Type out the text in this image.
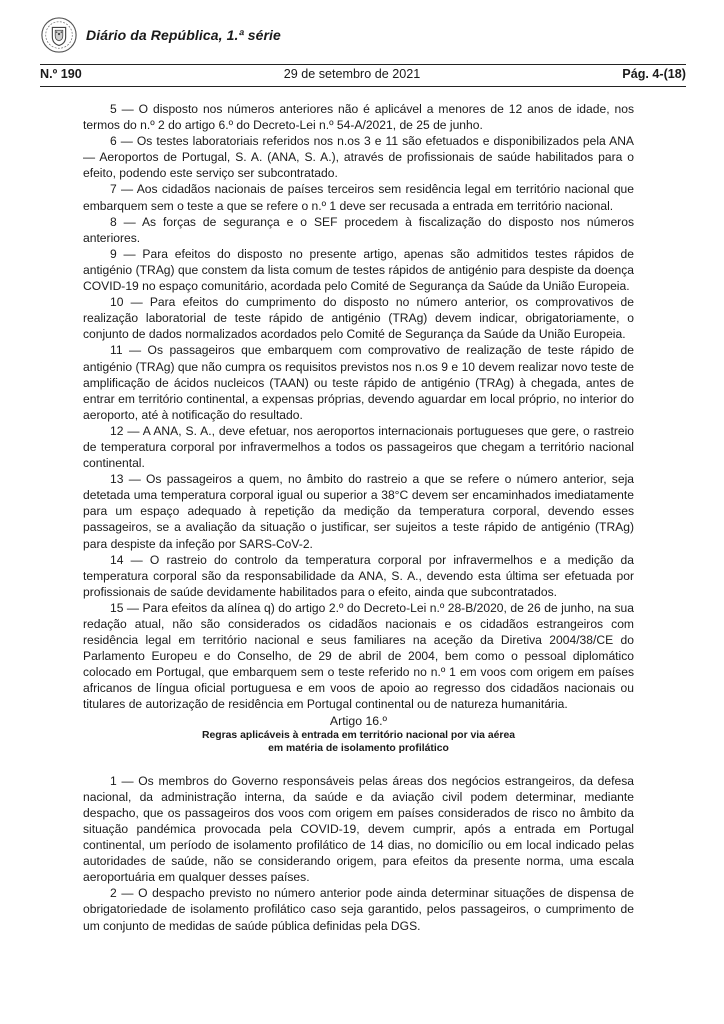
Diário da República, 1.ª série
N.º 190	29 de setembro de 2021	Pág. 4-(18)

5 — O disposto nos números anteriores não é aplicável a menores de 12 anos de idade, nos termos do n.º 2 do artigo 6.º do Decreto-Lei n.º 54-A/2021, de 25 de junho.

6 — Os testes laboratoriais referidos nos n.os 3 e 11 são efetuados e disponibilizados pela ANA — Aeroportos de Portugal, S. A. (ANA, S. A.), através de profissionais de saúde habilitados para o efeito, podendo este serviço ser subcontratado.

7 — Aos cidadãos nacionais de países terceiros sem residência legal em território nacional que embarquem sem o teste a que se refere o n.º 1 deve ser recusada a entrada em território nacional.

8 — As forças de segurança e o SEF procedem à fiscalização do disposto nos números anteriores.

9 — Para efeitos do disposto no presente artigo, apenas são admitidos testes rápidos de antigénio (TRAg) que constem da lista comum de testes rápidos de antigénio para despiste da doença COVID-19 no espaço comunitário, acordada pelo Comité de Segurança da Saúde da União Europeia.

10 — Para efeitos do cumprimento do disposto no número anterior, os comprovativos de realização laboratorial de teste rápido de antigénio (TRAg) devem indicar, obrigatoriamente, o conjunto de dados normalizados acordados pelo Comité de Segurança da Saúde da União Europeia.

11 — Os passageiros que embarquem com comprovativo de realização de teste rápido de antigénio (TRAg) que não cumpra os requisitos previstos nos n.os 9 e 10 devem realizar novo teste de amplificação de ácidos nucleicos (TAAN) ou teste rápido de antigénio (TRAg) à chegada, antes de entrar em território continental, a expensas próprias, devendo aguardar em local próprio, no interior do aeroporto, até à notificação do resultado.

12 — A ANA, S. A., deve efetuar, nos aeroportos internacionais portugueses que gere, o rastreio de temperatura corporal por infravermelhos a todos os passageiros que chegam a território nacional continental.

13 — Os passageiros a quem, no âmbito do rastreio a que se refere o número anterior, seja detetada uma temperatura corporal igual ou superior a 38°C devem ser encaminhados imediatamente para um espaço adequado à repetição da medição da temperatura corporal, devendo esses passageiros, se a avaliação da situação o justificar, ser sujeitos a teste rápido de antigénio (TRAg) para despiste da infeção por SARS-CoV-2.

14 — O rastreio do controlo da temperatura corporal por infravermelhos e a medição da temperatura corporal são da responsabilidade da ANA, S. A., devendo esta última ser efetuada por profissionais de saúde devidamente habilitados para o efeito, ainda que subcontratados.

15 — Para efeitos da alínea q) do artigo 2.º do Decreto-Lei n.º 28-B/2020, de 26 de junho, na sua redação atual, não são considerados os cidadãos nacionais e os cidadãos estrangeiros com residência legal em território nacional e seus familiares na aceção da Diretiva 2004/38/CE do Parlamento Europeu e do Conselho, de 29 de abril de 2004, bem como o pessoal diplomático colocado em Portugal, que embarquem sem o teste referido no n.º 1 em voos com origem em países africanos de língua oficial portuguesa e em voos de apoio ao regresso dos cidadãos nacionais ou titulares de autorização de residência em Portugal continental ou de natureza humanitária.

Artigo 16.º

Regras aplicáveis à entrada em território nacional por via aérea
em matéria de isolamento profilático

1 — Os membros do Governo responsáveis pelas áreas dos negócios estrangeiros, da defesa nacional, da administração interna, da saúde e da aviação civil podem determinar, mediante despacho, que os passageiros dos voos com origem em países considerados de risco no âmbito da situação pandémica provocada pela COVID-19, devem cumprir, após a entrada em Portugal continental, um período de isolamento profilático de 14 dias, no domicílio ou em local indicado pelas autoridades de saúde, não se considerando origem, para efeitos da presente norma, uma escala aeroportuária em qualquer desses países.

2 — O despacho previsto no número anterior pode ainda determinar situações de dispensa de obrigatoriedade de isolamento profilático caso seja garantido, pelos passageiros, o cumprimento de um conjunto de medidas de saúde pública definidas pela DGS.
